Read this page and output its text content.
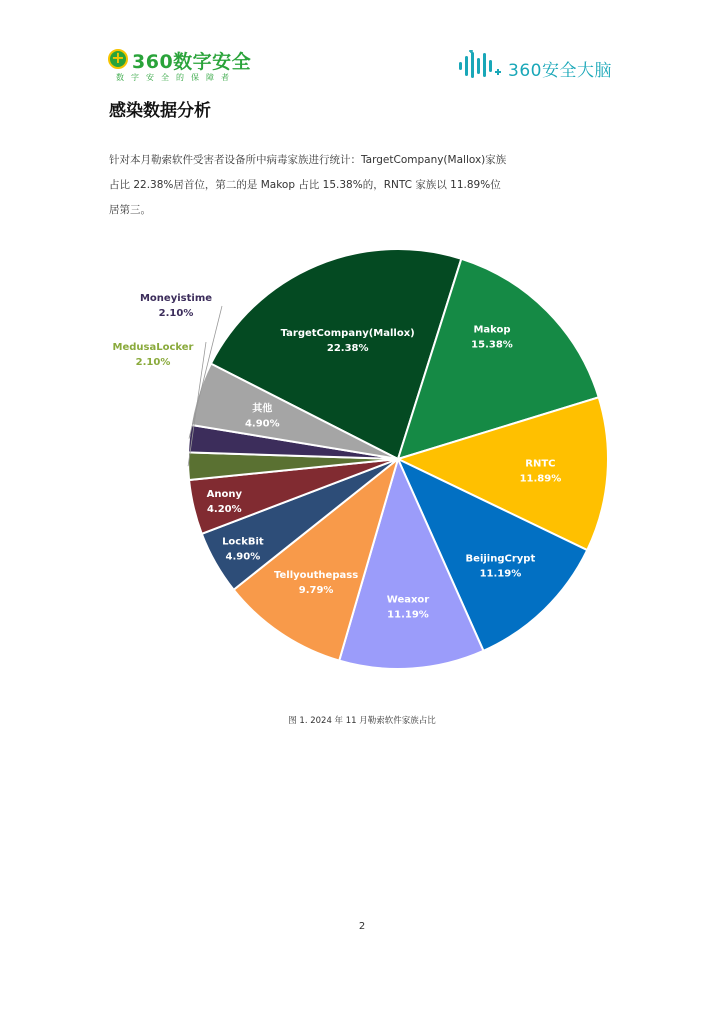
+
360数字安全
数字安全的保障者	360安全大脑
感染数据分析

针对本月勒索软件受害者设备所中病毒家族进行统计：TargetCompany(Mallox)家族占比 22.38%居首位，第二的是 Makop 占比 15.38%的，RNTC 家族以 11.89%位居第三。

TargetCompany(Mallox)
22.38%
Makop
15.38%
RNTC
11.89%
BeijingCrypt
11.19%
Weaxor
11.19%
Tellyouthepass
9.79%
LockBit
4.90%
Anony
4.20%
MedusaLocker
2.10%
Moneyistime
2.10%
其他
4.90%
图 1. 2024 年 11 月勒索软件家族占比
2
